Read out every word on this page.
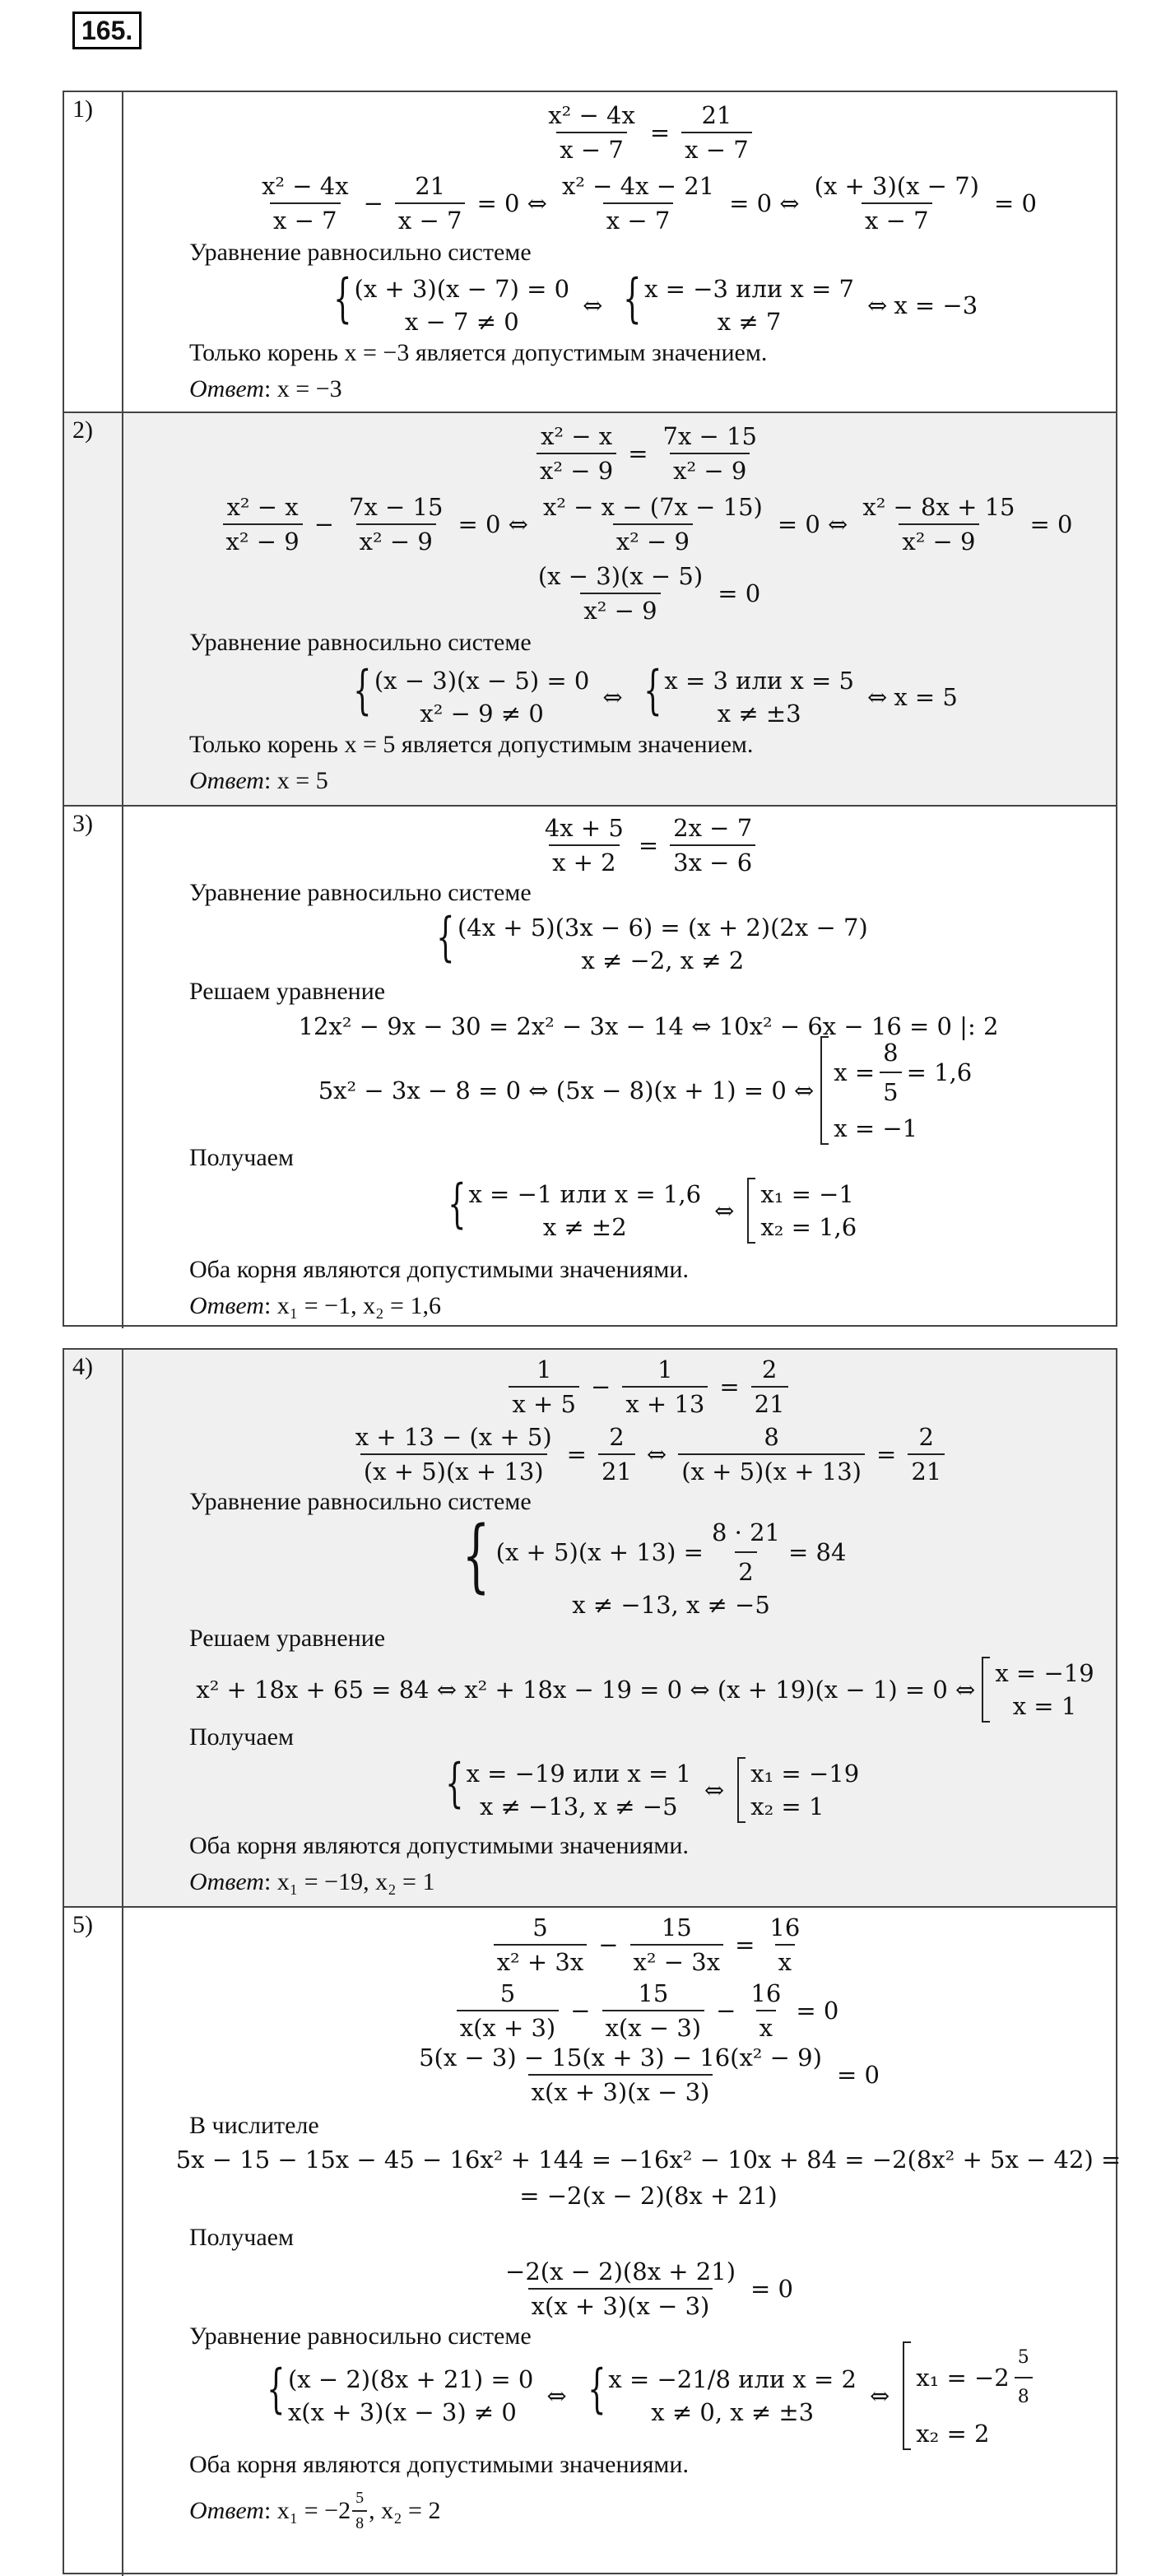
165.
1)	$\frac{\text{x² − 4x}}{x - 7} = \frac{21}{x - 7}$
$\frac{\text{x² − 4x}}{x - 7} - \frac{21}{x - 7} = 0$ ⇔ $\frac{\text{x² − 4x − 21}}{x - 7} = 0$ ⇔ $\frac{(x + 3)(x - 7)}{x - 7} = 0$
Уравнение равносильно системе
{ (x + 3)(x − 7) = 0
x − 7 ≠ 0
⇔ { x = −3 или x = 7
x ≠ 7
⇔ x = −3
Только корень x = −3 является допустимым значением.
Ответ: x = −3
2)	$\frac{\text{x² − x}}{\text{x² − 9}} = \frac{7x - 15}{\text{x² − 9}}$
$\frac{\text{x² − x}}{\text{x² − 9}} - \frac{7x - 15}{\text{x² − 9}} = 0$ ⇔ $\frac{\text{x² − x − (7x − 15)}}{\text{x² − 9}} = 0$ ⇔ $\frac{\text{x² − 8x + 15}}{\text{x² − 9}} = 0$
$\frac{(x - 3)(x - 5)}{\text{x² − 9}} = 0$
Уравнение равносильно системе
{ (x − 3)(x − 5) = 0
x² − 9 ≠ 0
⇔ { x = 3 или x = 5
x ≠ ±3
⇔ x = 5
Только корень x = 5 является допустимым значением.
Ответ: x = 5
3)	$\frac{4x + 5}{x + 2} = \frac{2x - 7}{3x - 6}$
Уравнение равносильно системе
{ (4x + 5)(3x − 6) = (x + 2)(2x − 7)
x ≠ −2, x ≠ 2
Решаем уравнение
12x² − 9x − 30 = 2x² − 3x − 14 ⇔ 10x² − 6x − 16 = 0 |: 2
5x² − 3x − 8 = 0 ⇔ (5x − 8)(x + 1) = 0 ⇔
$x = \frac{8}{5} = 1,6$
x = −1
Получаем
{ x = −1 или x = 1,6
x ≠ ±2
⇔
x₁ = −1
x₂ = 1,6
Оба корня являются допустимыми значениями.
Ответ: x₁ = −1, x₂ = 1,6
4)	$\frac{1}{x + 5} - \frac{1}{x + 13} = \frac{2}{21}$
$\frac{x + 13 - (x + 5)}{(x + 5)(x + 13)} = \frac{2}{21}$ ⇔ $\frac{8}{(x + 5)(x + 13)} = \frac{2}{21}$
Уравнение равносильно системе
{ $(x + 5)(x + 13) = \frac{8 \cdot 21}{2} = 84$
x ≠ −13, x ≠ −5
Решаем уравнение
x² + 18x + 65 = 84 ⇔ x² + 18x − 19 = 0 ⇔ (x + 19)(x − 1) = 0 ⇔
x = −19
x = 1
Получаем
{ x = −19 или x = 1
x ≠ −13, x ≠ −5
⇔
x₁ = −19
x₂ = 1
Оба корня являются допустимыми значениями.
Ответ: x₁ = −19, x₂ = 1
5)	$\frac{5}{\text{x² + 3x}} - \frac{15}{\text{x² − 3x}} = \frac{16}{x}$
$\frac{5}{x(x + 3)} - \frac{15}{x(x - 3)} - \frac{16}{x} = 0$
$\frac{\text{5(x − 3) − 15(x + 3) − 16(x² − 9)}}{x(x + 3)(x - 3)} = 0$
В числителе
5x − 15 − 15x − 45 − 16x² + 144 = −16x² − 10x + 84 = −2(8x² + 5x − 42) =
= −2(x − 2)(8x + 21)
Получаем
$\frac{-2(x - 2)(8x + 21)}{x(x + 3)(x - 3)} = 0$
Уравнение равносильно системе
{ (x − 2)(8x + 21) = 0
x(x + 3)(x − 3) ≠ 0
⇔ { x = −21/8 или x = 2
x ≠ 0, x ≠ ±3
⇔
$x_1 = -2 \frac{5}{8}$
x₂ = 2
Оба корня являются допустимыми значениями.
Ответ : $x_1 = -2 \frac{5}{8}$ , x₂ = 2
